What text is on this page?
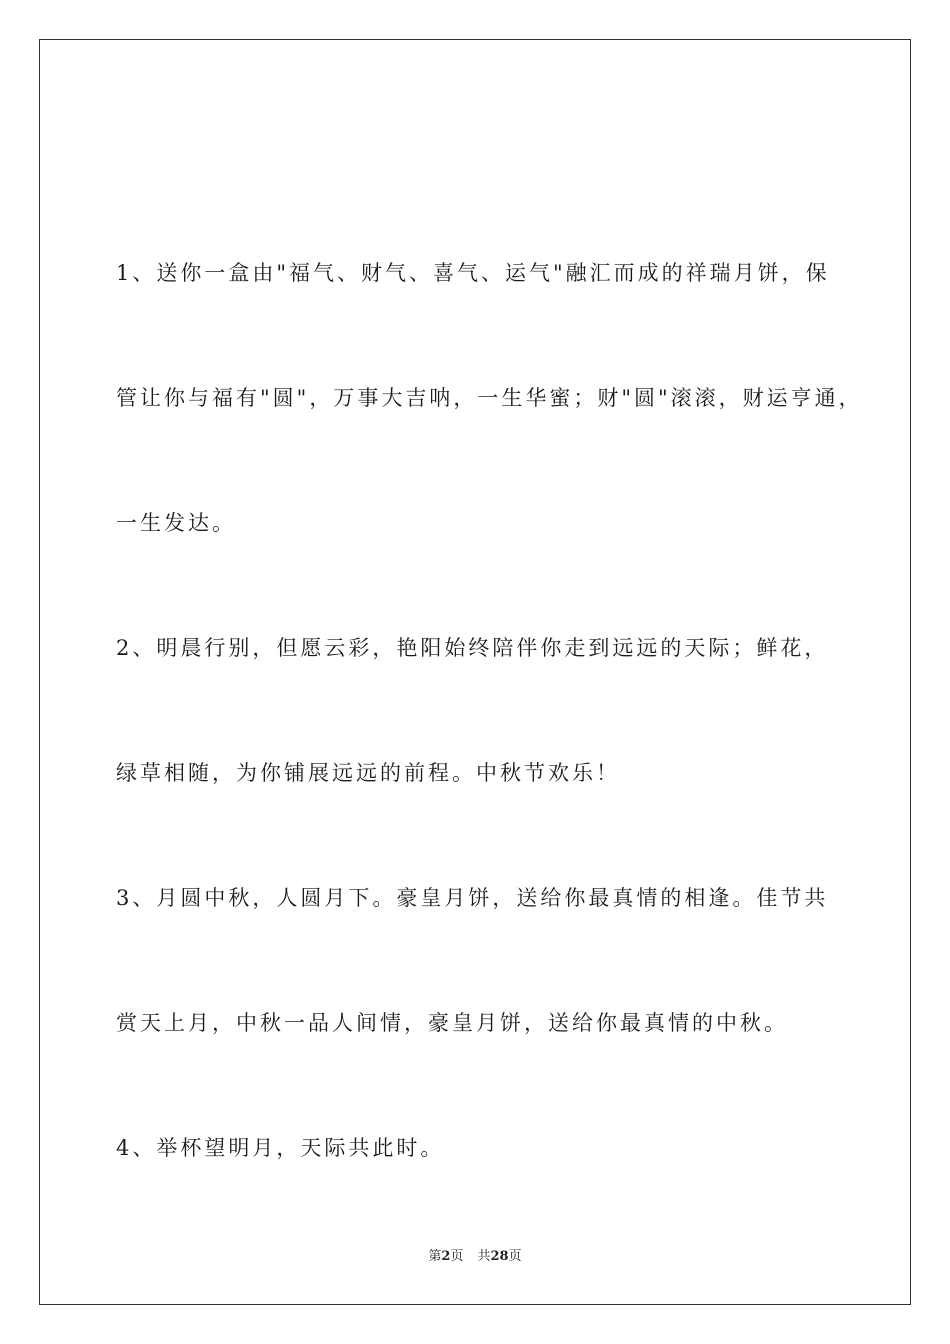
1、送你一盒由"福气、财气、喜气、运气"融汇而成的祥瑞月饼，保
管让你与福有"圆"，万事大吉呐，一生华蜜；财"圆"滚滚，财运亨通，
一生发达。
2、明晨行别，但愿云彩，艳阳始终陪伴你走到远远的天际；鲜花，
绿草相随，为你铺展远远的前程。中秋节欢乐！
3、月圆中秋，人圆月下。豪皇月饼，送给你最真情的相逢。佳节共
赏天上月，中秋一品人间情，豪皇月饼，送给你最真情的中秋。
4、举杯望明月，天际共此时。
第2页 共28页
